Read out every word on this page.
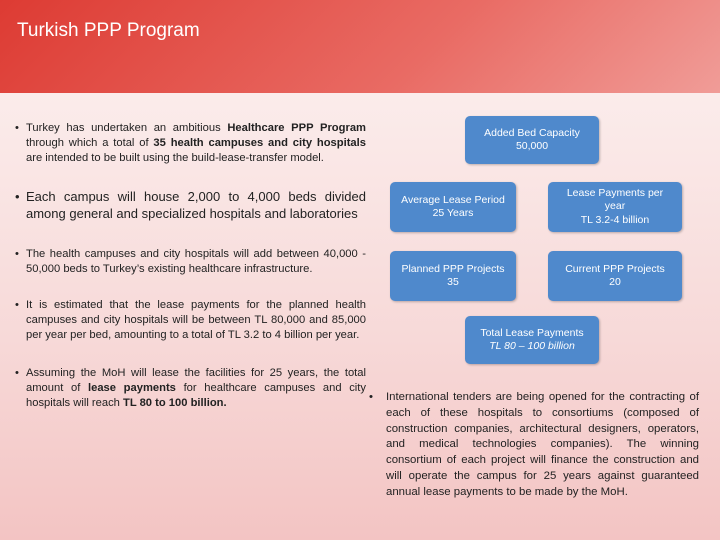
Turkish PPP Program

• Turkey has undertaken an ambitious Healthcare PPP Program through which a total of 35 health campuses and city hospitals are intended to be built using the build-lease-transfer model.

• Each campus will house 2,000 to 4,000 beds divided among general and specialized hospitals and laboratories

• The health campuses and city hospitals will add between 40,000 - 50,000 beds to Turkey’s existing healthcare infrastructure.

• It is estimated that the lease payments for the planned health campuses and city hospitals will be between TL 80,000 and 85,000 per year per bed, amounting to a total of TL 3.2 to 4 billion per year.

• Assuming the MoH will lease the facilities for 25 years, the total amount of lease payments for healthcare campuses and city hospitals will reach TL 80 to 100 billion.

Added Bed Capacity
50,000
Average Lease Period
25 Years
Lease Payments per year
TL 3.2-4 billion
Planned PPP Projects
35
Current PPP Projects
20
Total Lease Payments
TL 80 – 100 billion

• International tenders are being opened for the contracting of each of these hospitals to consortiums (composed of construction companies, architectural designers, operators, and medical technologies companies). The winning consortium of each project will finance the construction and will operate the campus for 25 years against guaranteed annual lease payments to be made by the MoH.
